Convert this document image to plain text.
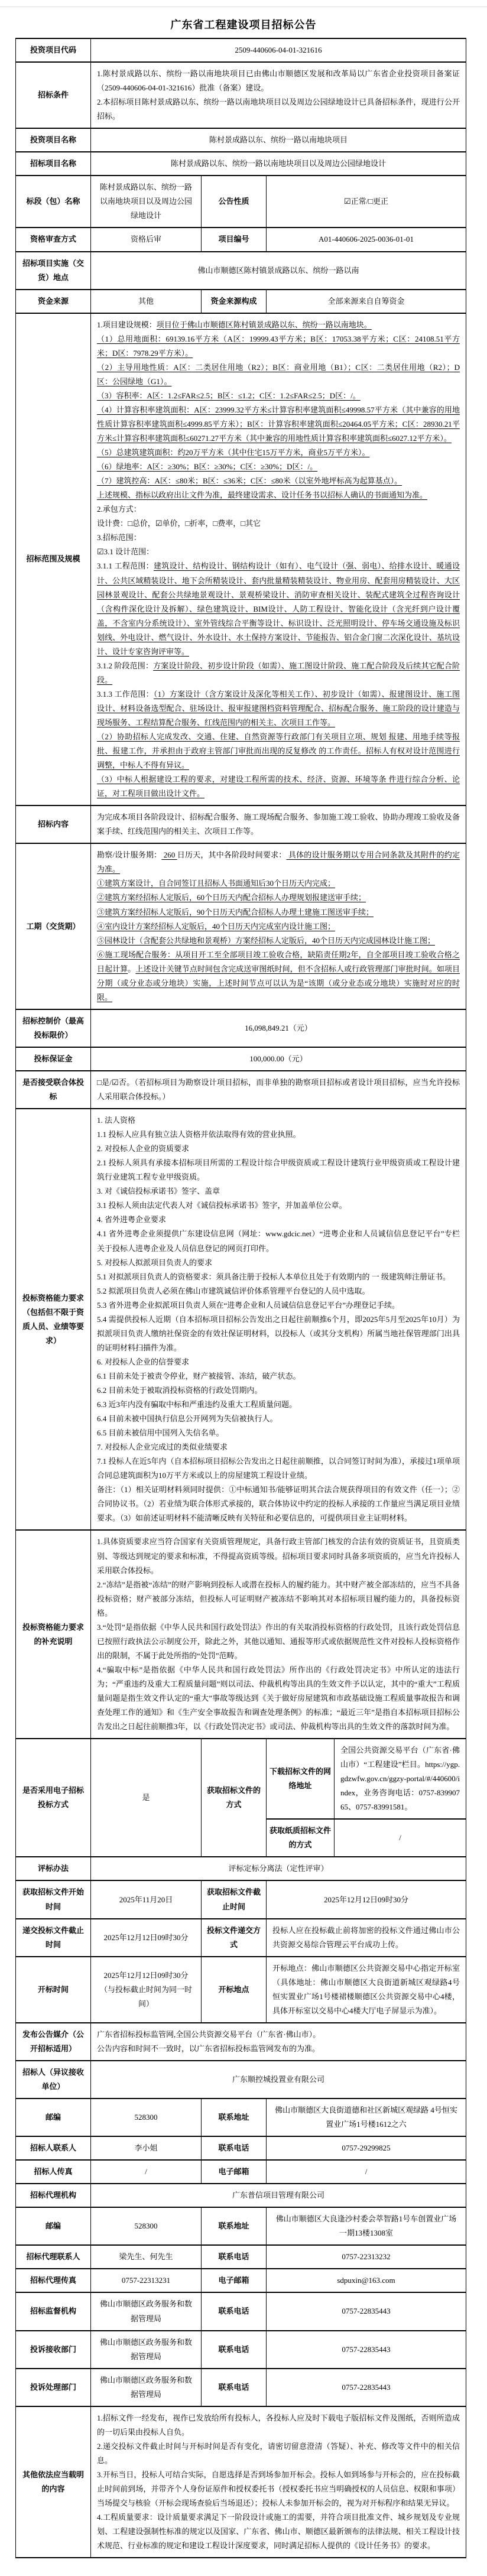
广东省工程建设项目招标公告
投资项目代码	2509-440606-04-01-321616			
招标条件	1.陈村景成路以东、缤纷一路以南地块项目已由佛山市顺德区发展和改革局以广东省企业投资项目备案证（2509-440606-04-01-321616）批准（备案）建设。
2.本招标项目陈村景成路以东、缤纷一路以南地块项目以及周边公园绿地设计已具备招标条件，现进行公开招标。			

投资项目名称	陈村景成路以东、缤纷一路以南地块项目			
招标项目名称	陈村景成路以东、缤纷一路以南地块项目以及周边公园绿地设计			
标段（包）名称	陈村景成路以东、缤纷一路以南地块项目以及周边公园绿地设计	公告性质	☑正常/□更正	
资格审查方式	资格后审	项目编号	A01-440606-2025-0036-01-01	
招标项目实施（交货）地点	佛山市顺德区陈村镇景成路以东、缤纷一路以南			
资金来源	其他	资金来源构成	全部来源来自自筹资金	
招标范围及规模	
1.项目建设规模：项目位于佛山市顺德区陈村镇景成路以东、缤纷一路以南地块。
（1）总用地面积：69139.16平方米（A区：19999.43平方米；B区：17053.38平方米；C区：24108.51平方米；D区：7978.29平方米）。
（2）主导用地性质：A区：二类居住用地（R2）；B区：商业用地（B1）；C区：二类居住用地（R2）；D区：公园绿地（G1）。
（3）容积率：A区：1.2≤FAR≤2.5；B区：≤1.2；C区：1.2≤FAR≤2.5；D区：/。
（4）计算容积率建筑面积：A区：23999.32平方米≤计算容积率建筑面积≤49998.57平方米（其中兼容的用地性质计算容积率建筑面积≤4999.85平方米）；B区：计算容积率建筑面积≤20464.05平方米；C区：28930.21平方米≤计算容积率建筑面积≤60271.27平方米（其中兼容的用地性质计算容积率建筑面积≤6027.12平方米）。
（5）总建筑建筑面积：约20万平方米（其中住宅15万平方米，商业5万平方米）。
（6）绿地率：A区：≥30%；B区：≥30%；C区：≥30%；D区：/。
（7）建筑控高：A区：≤80米；B区：≤36米；C区：≤80米（以室外地坪标高为起算基点）。
上述规模、指标以政府出让文件为准，最终建设需求、设计任务书以招标人确认的书面通知为准。
2.承包方式：
设计费：□总价，☑单价，□折率，□费率，□其它
3.招标范围：
☑3.1 设计范围：
3.1.1 工程范围：建筑设计、结构设计、钢结构设计（如有）、电气设计（强、弱电）、给排水设计、暖通设计、公共区域精装设计、地下会所精装设计、套内批量精装精装设计、物业用房、配套用房精装设计、大区园林景观设计、配套公共绿地景观设计、景观桥梁设计、消防审查相关设计、装配式建筑全过程咨询设计（含构件深化设计及拆解）、绿色建筑设计、BIM设计、人防工程设计、智能化设计（含光纤到户设计覆盖，不含室内分系统设计）、室外管线综合平衡等设计、标识设计、泛光照明设计、停车场交通设施及标识划线、外电设计、燃气设计、外水设计、水土保持方案设计、节能报告、铝合金门窗二次深化设计、基坑设计、设计专家咨询评审等。
3.1.2 阶段范围：方案设计阶段、初步设计阶段（如需）、施工图设计阶段、施工配合阶段及后续其它配合阶段。
3.1.3 工作范围：（1）方案设计（含方案设计及深化等相关工作）、初步设计（如需）、报建图设计、施工图设计、材料设备选型配合、驻场设计、报审报建图档资料管理配合、招标配合服务、施工阶段的设计建造与现场服务、工程结算配合服务、红线范围内的相关主、次项目工作等。
（2）协助招标人完成发改、交通、住建、自然资源等行政部门有关项目立项、规划 报建、用地手续等报批、报建工作，并承担由于政府主管部门审批而出现的反复修改 的工作责任。招标人有权对设计范围进行调整，中标人不得有异议。
（3）中标人根据建设工程的要求，对建设工程所需的技术、经济、资源、环境等条 件进行综合分析、论证，对工程项目做出设计文件。

招标内容	为完成本项目各阶段设计、招标配合服务、施工现场配合服务、参加施工竣工验收、协助办理竣工验收及备案手续、红线范围内的相关主、次项目工作等。			

工期（交货期）	
勘察/设计服务期： 260 日历天，其中各阶段时间要求： 具体的设计服务期以专用合同条款及其附件的约定为准。
①建筑方案设计，自合同签订且招标人书面通知后30个日历天内完成；
②建筑方案经招标人定版后，60个日历天内配合招标人办理规划报建送审手续；
③建筑方案经招标人定版后，90个日历天内配合招标人办理土建施工图送审手续；
④室内设计方案经招标人定版后，40个日历天内完成室内设计施工图；
⑤园林设计（含配套公共绿地和景观桥）方案经招标人定版后，40个日历天内完成园林设计施工图；
⑥施工现场配合服务：从项目开工至全部项目竣工验收合格，缺陷责任期2年，自全部项目竣工验收合格之日起计算。上述设计关键节点时间包含完成送审图纸时间，但不含招标人或行政管理部门审批时间。如项目分期（或分业态或分地块）实施，上述时间节点可以认为是“该期（或分业态或分地块）实施时对应的时限。

招标控制价（最高投标限价）	16,098,849.21（元）			
投标保证金	100,000.00（元）			
是否接受联合体投标	□是/☑否。（若招标项目为勘察设计项目招标，而非单独的勘察项目招标或者设计项目招标，应当允许投标人采用联合体投标。）			

投标资格能力要求（包括但不限于资质人员、业绩等要求）	
1. 法人资格
1.1 投标人应具有独立法人资格并依法取得有效的营业执照。
2. 对投标人企业的资质要求
2.1 投标人须具有承接本招标项目所需的工程设计综合甲级资质或工程设计建筑行业甲级资质或工程设计建筑行业建筑工程专业甲级资质。
3. 对《诚信投标承诺书》签字、盖章
3.1 投标人须由法定代表人对《诚信投标承诺书》签字，并加盖单位公章。
4. 省外进粤企业要求
4.1 省外进粤企业须提供广东建设信息网（网址：www.gdcic.net）“进粤企业和人员诚信信息登记平台”专栏关于投标人进粤企业及人员信息登记的网页打印件。
5. 对投标人拟派项目负责人的要求
5.1 对拟派项目负责人的资格要求：须具备注册于投标人本单位且处于有效期内的 一 级建筑师注册证书。
5.2 拟派项目负责人必须在佛山市建筑诚信评价体系管理平台登记的人员中选取。
5.3 省外进粤企业拟派项目负责人须在“进粤企业和人员诚信信息登记平台”办理登记手续。
5.4 需提供投标人近期（自本招标项目招标公告发出之日起往前顺推6个月，即2025年5月至2025年10月）为拟派项目负责人缴纳社保资金的有效社保证明材料，以投标人（或其分支机构）所属当地社保管理部门出具的证明材料扫描件为准。
6. 对投标人企业的信誉要求
6.1 目前未处于被责令停业，财产被接管、冻结，破产状态。
6.2 目前未处于被取消投标资格的行政处罚期内。
6.3 近3年内没有骗取中标和严重违约及重大工程质量问题。
6.4 目前未被中国执行信息公开网列为失信被执行人。
6.5 目前未被信用中国列入失信名单。
7. 对投标人企业完成过的类似业绩要求
7.1 投标人在近5年内（自本招标项目招标公告发出之日起往前顺推，以合同签订时间为准），承接过1项单项合同总建筑面积为10万平方米或以上的房屋建筑工程设计业绩。
备注：（1）相关证明材料须同时提供：①中标通知书/能够证明其合法合规获得项目的有效文件（任一）；②合同协议书。（2）若业绩为联合体形式承接的，联合体协议中约定的投标人承接的工作量应当满足项目业绩要求。（3）如前述证明材料不能清晰反映有关特征和必要信息的，可提供项目业主证明材料。

投标资格能力要求的补充说明	1.具体资质要求应当符合国家有关资质管理规定，具备行政主管部门核发的合法有效的资质证书，且资质类别、等级达到规定的要求和标准，不得提高资质等级。招标项目要求同时具备多项资质的，应当允许投标人采用联合体投标。
2.“冻结”是指被“冻结”的财产影响到投标人或潜在投标人的履约能力。其中财产被全部冻结的，应当不具备投标资格；财产被部分冻结，但投标人可证明财产被冻结不影响其对本招标项目履约能力的，具备投标资格。
3.“处罚”是指依据《中华人民共和国行政处罚法》作出的有关取消投标资格的行政处罚，且该行政处罚信息已按照行政执法公示制度公开，除此之外，其他以通知、通报等形式或依据规范性文件对投标人投标资格作出的限制，不属于此处所指的“处罚”范畴。
4.“骗取中标”是指依据《中华人民共和国行政处罚法》所作出的《行政处罚决定书》中所认定的违法行为；“严重违约及重大工程质量问题”则以司法、仲裁机构等出具的生效文件予以认定，其中的“重大”工程质量问题是指生效文件认定的“重大”事故等级达到《关于做好房屋建筑和市政基础设施工程质量事故报告和调查处理工作的通知》和《生产安全事故报告和调查处理条例》的标准；“最近三年”是指自本招标项目招标公告发出之日起往前顺推3年，以《行政处罚决定书》或司法、仲裁机构等出具的生效文件的落款时间为准。			

是否采用电子招标投标方式	是	获取招标文件的方式	下载招标文件的网络地址	全国公共资源交易平台（广东省·佛山市）“工程建设”栏目。https://ygp.gdzwfw.gov.cn/ggzy-portal/#/440600/index，业务咨询电话：0757-83990765、0757-83991581。

			获取纸质招标文件的方式	/
评标办法	评标定标分离法（定性评审）			
获取招标文件开始时间	2025年11月20日	获取招标文件截止时间	2025年12月12日09时30分	
递交投标文件截止时间	2025年12月12日09时30分	投标文件递交方式	投标人应在投标截止前将加密的投标文件通过佛山市公共资源交易综合管理云平台成功上传。	

开标时间	2025年12月12日09时30分（与投标截止时间为同一时间）	开标地点	开标地点：佛山市顺德区公共资源交易中心指定开标室（具体地址：佛山市顺德区大良街道新城区观绿路4号恒实置业广场1号楼裙楼顺德区公共资源交易中心4楼，具体开标室以交易中心4楼大厅电子屏显示为准）。	

发布公告媒介（公开招标适用）	广东省招标投标监管网,全国公共资源交易平台（广东省·佛山市）。
公告内容和时间不一致时，以广东省招标投标监管网发布的为准。			

招标人（异议接收单位）	广东顺控城投置业有限公司			
邮编	528300	联系地址	佛山市顺德区大良街道德和社区新城区观绿路 4号恒实置业广场1号楼1612之六	
招标人联系人	李小姐	联系电话	0757-29299825	
招标人传真	/	电子邮箱	/	
招标代理机构	广东普信项目管理有限公司			
邮编	528300	联系地址	佛山市顺德区大良逢沙村委会萃智路1号车创置业广场一期13楼1308室	
招标代理联系人	梁先生、何先生	联系电话	0757-22313232	
招标代理传真	0757-22313231	电子邮箱	sdpuxin@163.com	
招标监督机构	佛山市顺德区政务服务和数据管理局	联系电话	0757-22835443	
投诉接收部门	佛山市顺德区政务服务和数据管理局	联系电话	0757-22835443	
投诉处理部门	佛山市顺德区政务服务和数据管理局	联系电话	0757-22835443	
其他依法应当载明的内容	1.招标文件一经发布，视作已发放给所有投标人，各投标人应及时下载电子版招标文件及图纸，否则所造成的一切后果由投标人自负。
2.递交投标文件截止时间与开标时间是否有变化，请密切留意澄清（答疑）、补充、修改等文件中的相关信息。
3.开标当日，投标人可结合实际，自愿选择是否到场参加开标会。投标人如到场参与开标会的，应在投标截止时间前到场，并带齐个人身份证原件和授权委托书（授权委托书应当明确授权的人员信息、权限和事项）当场提交与核验（开标会现场查验后当场退还）；投标人未参加开标会的，视为对开标程序和结果无异议。
4.工程质量要求：设计质量要求满足下一阶段设计或施工的需要，并符合项目批准文件、城乡规划及专业规划、工程建设强制性标准的规定以及国家、广东省、佛山市、顺德区最新颁布的法律法规、相关工程设计技术规范、行业标准的规定和建设工程设计深度要求，同时满足招标人提供的《设计任务书》的要求。			
